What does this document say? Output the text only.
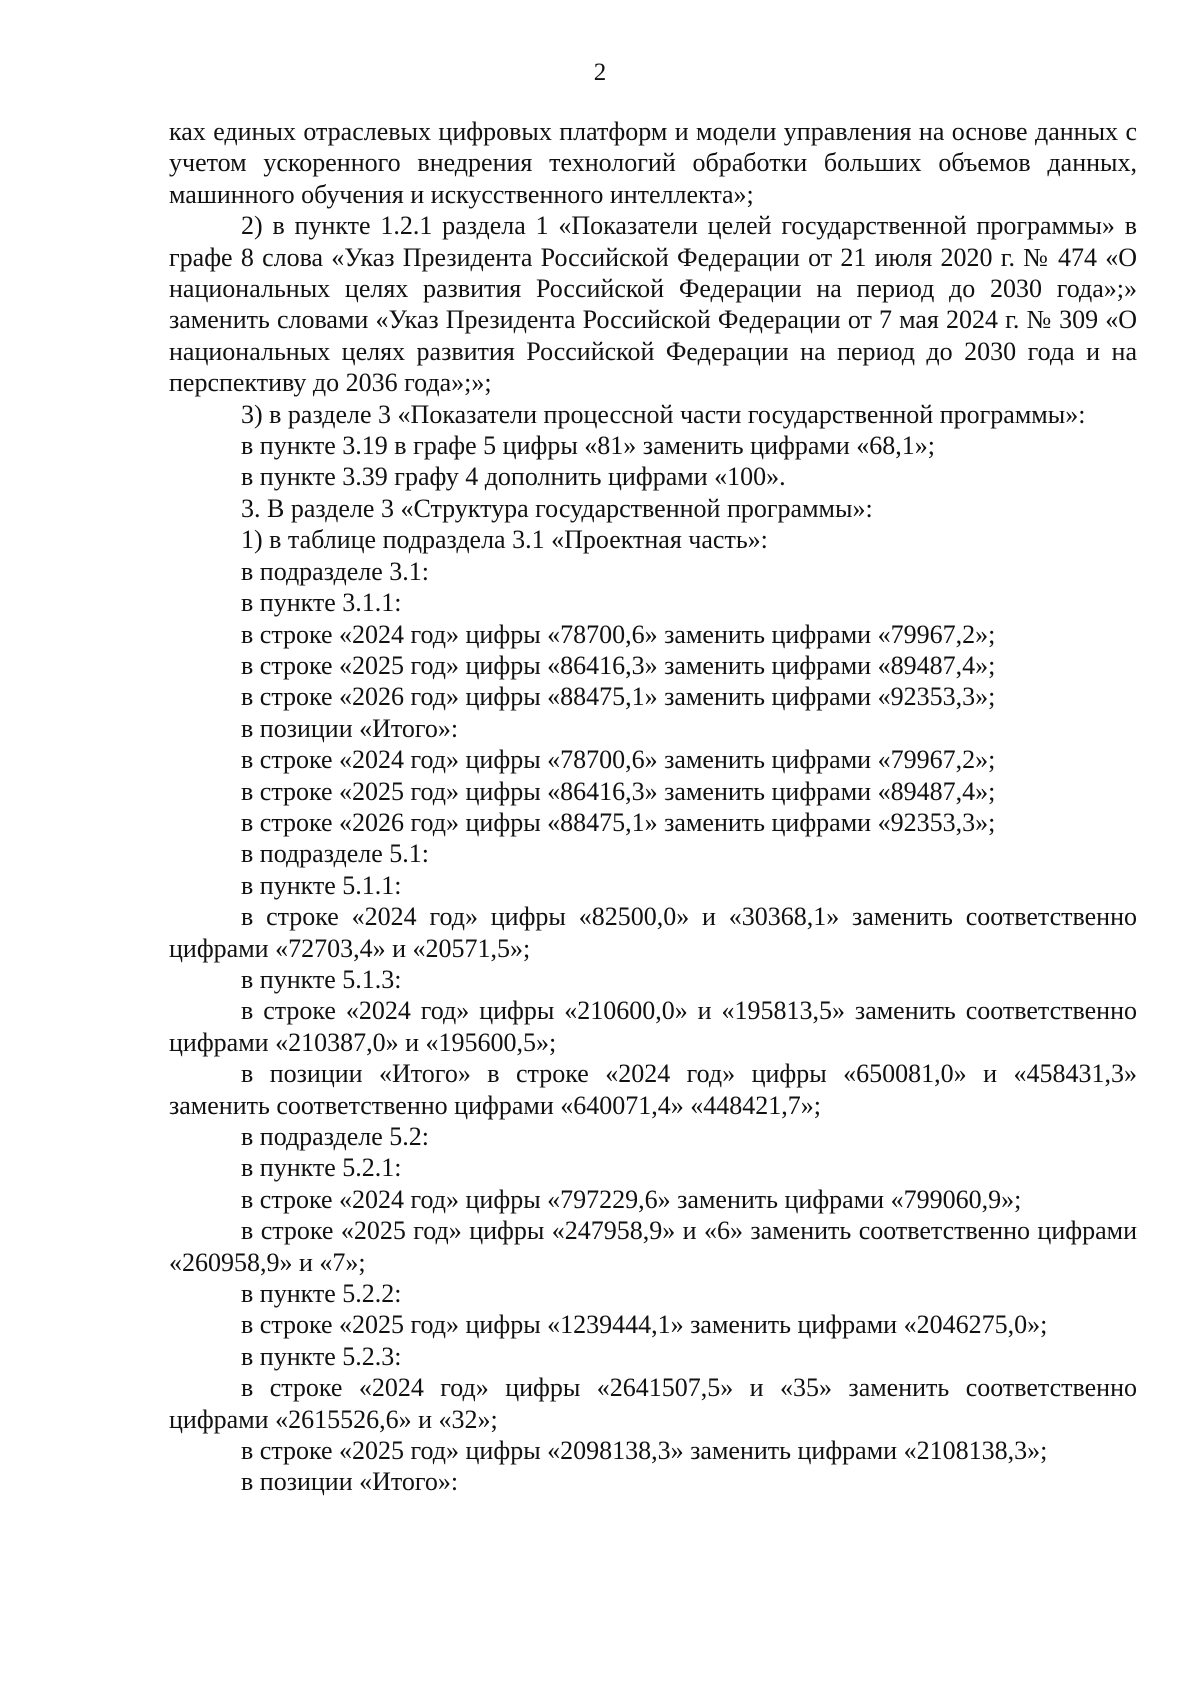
2

ках единых отраслевых цифровых платформ и модели управления на основе данных с учетом ускоренного внедрения технологий обработки больших объемов данных, машинного обучения и искусственного интеллекта»;

2) в пункте 1.2.1 раздела 1 «Показатели целей государственной программы» в графе 8 слова «Указ Президента Российской Федерации от 21 июля 2020 г. № 474 «О национальных целях развития Российской Федерации на период до 2030 года»;» заменить словами «Указ Президента Российской Федерации от 7 мая 2024 г. № 309 «О национальных целях развития Российской Федерации на период до 2030 года и на перспективу до 2036 года»;»;

3) в разделе 3 «Показатели процессной части государственной программы»:

в пункте 3.19 в графе 5 цифры «81» заменить цифрами «68,1»;

в пункте 3.39 графу 4 дополнить цифрами «100».

3. В разделе 3 «Структура государственной программы»:

1) в таблице подраздела 3.1 «Проектная часть»:

в подразделе 3.1:

в пункте 3.1.1:

в строке «2024 год» цифры «78700,6» заменить цифрами «79967,2»;

в строке «2025 год» цифры «86416,3» заменить цифрами «89487,4»;

в строке «2026 год» цифры «88475,1» заменить цифрами «92353,3»;

в позиции «Итого»:

в строке «2024 год» цифры «78700,6» заменить цифрами «79967,2»;

в строке «2025 год» цифры «86416,3» заменить цифрами «89487,4»;

в строке «2026 год» цифры «88475,1» заменить цифрами «92353,3»;

в подразделе 5.1:

в пункте 5.1.1:

в строке «2024 год» цифры «82500,0» и «30368,1» заменить соответственно цифрами «72703,4» и «20571,5»;

в пункте 5.1.3:

в строке «2024 год» цифры «210600,0» и «195813,5» заменить соответственно цифрами «210387,0» и «195600,5»;

в позиции «Итого» в строке «2024 год» цифры «650081,0» и «458431,3» заменить соответственно цифрами «640071,4» «448421,7»;

в подразделе 5.2:

в пункте 5.2.1:

в строке «2024 год» цифры «797229,6» заменить цифрами «799060,9»;

в строке «2025 год» цифры «247958,9» и «6» заменить соответственно цифрами «260958,9» и «7»;

в пункте 5.2.2:

в строке «2025 год» цифры «1239444,1» заменить цифрами «2046275,0»;

в пункте 5.2.3:

в строке «2024 год» цифры «2641507,5» и «35» заменить соответственно цифрами «2615526,6» и «32»;

в строке «2025 год» цифры «2098138,3» заменить цифрами «2108138,3»;

в позиции «Итого»:
